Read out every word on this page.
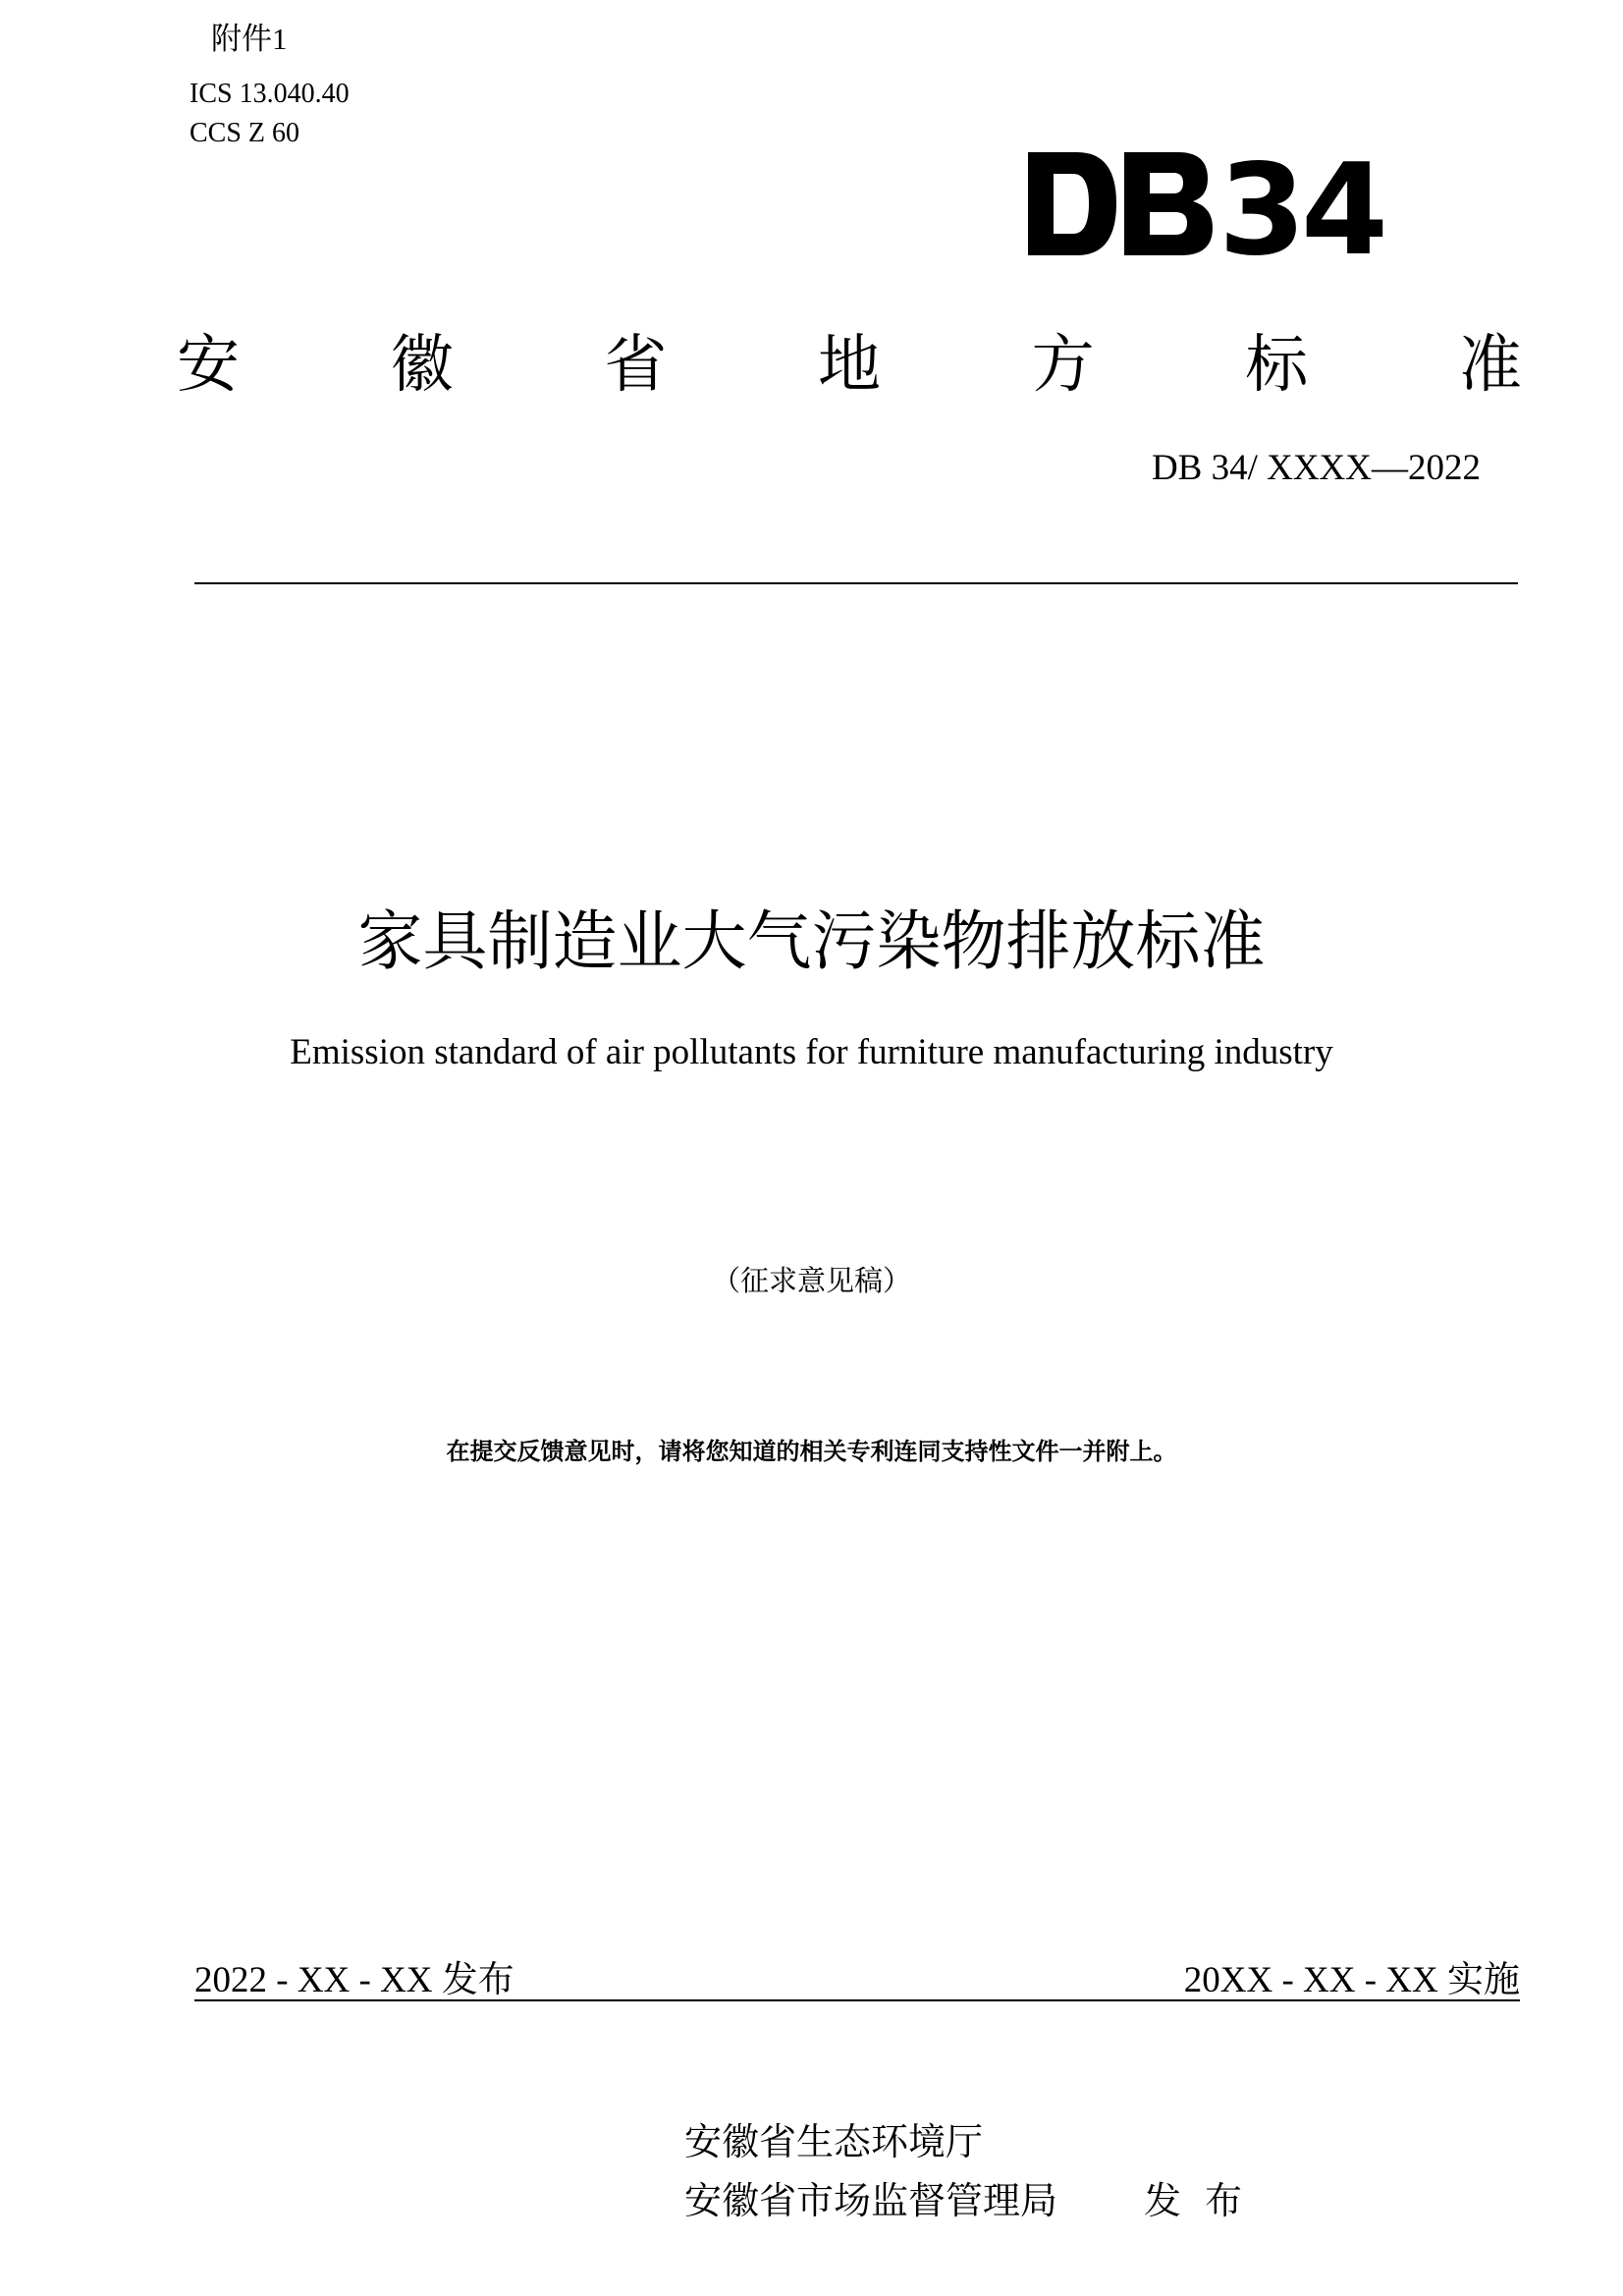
附件1
ICS 13.040.40
CCS Z 60
3
4
安 徽 省 地 方 标 准
DB 34/ XXXX—2022
家具制造业大气污染物排放标准
Emission standard of air pollutants for furniture manufacturing industry
（征求意见稿）
在提交反馈意见时，请将您知道的相关专利连同支持性文件一并附上。
2022 - XX - XX 发布	20XX - XX - XX 实施
安徽省生态环境厅
安徽省市场监督管理局 发布
